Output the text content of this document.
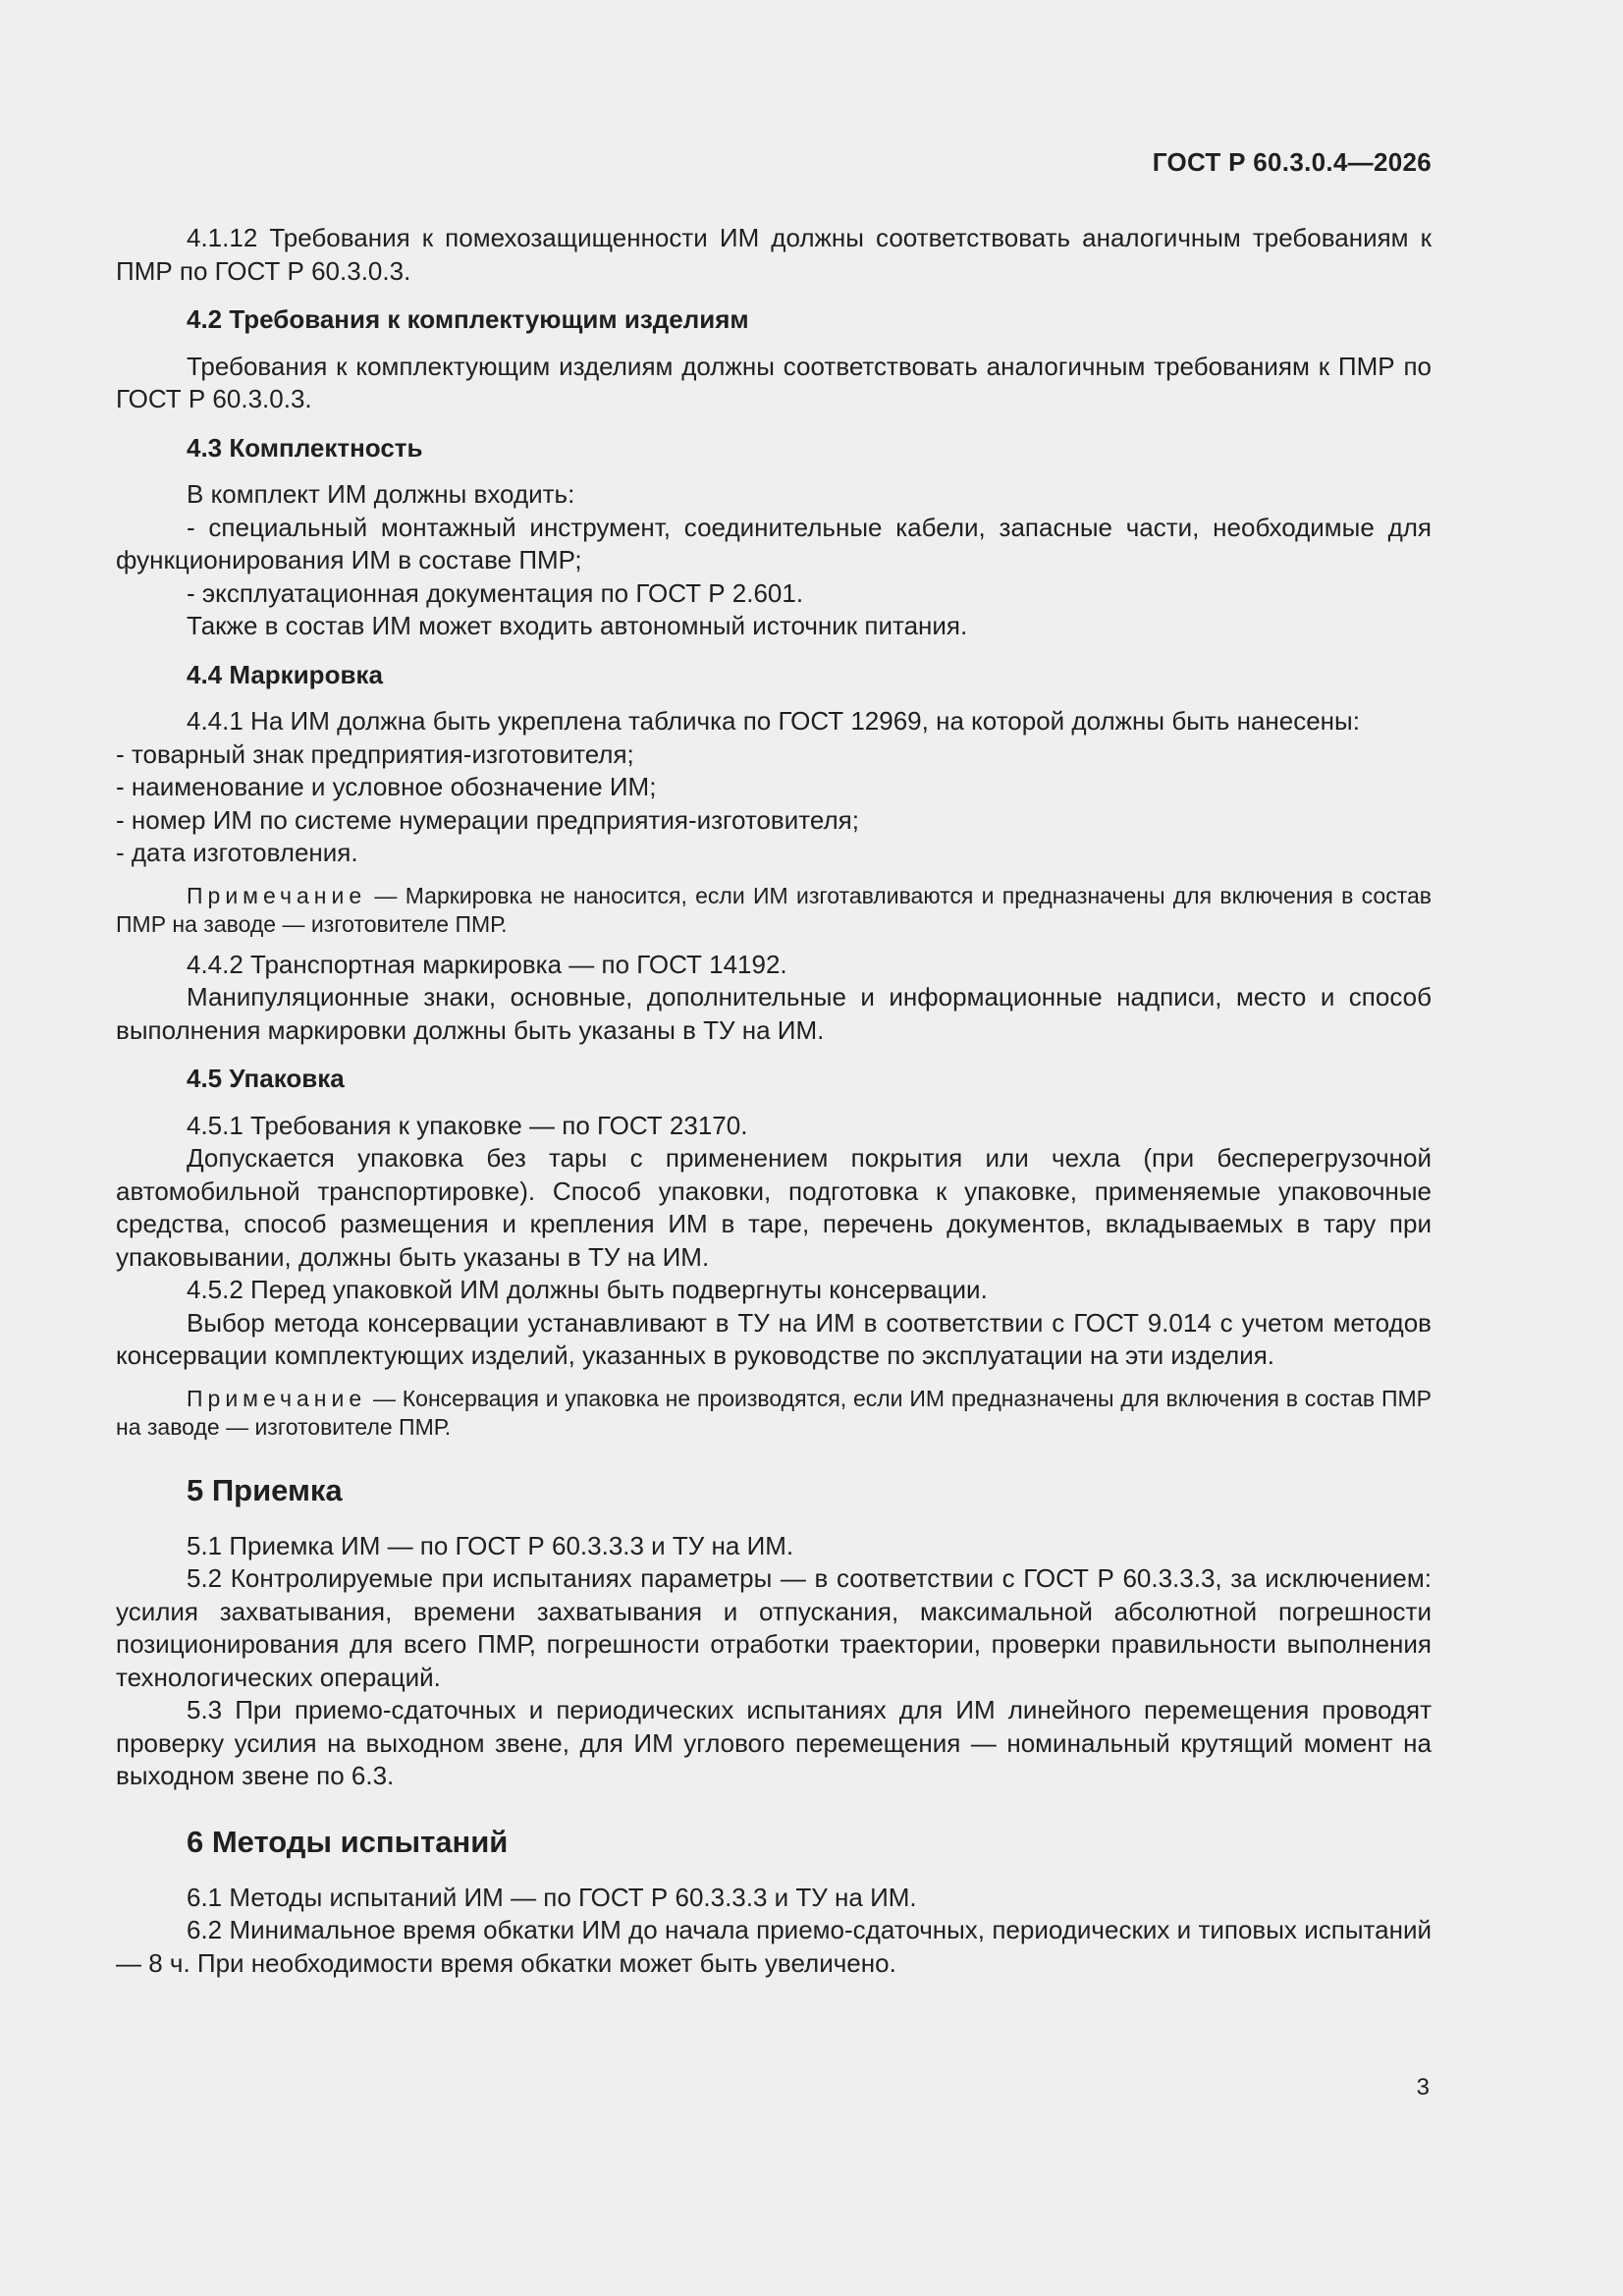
ГОСТ Р 60.3.0.4—2026

4.1.12 Требования к помехозащищенности ИМ должны соответствовать аналогичным требованиям к ПМР по ГОСТ Р 60.3.0.3.

4.2 Требования к комплектующим изделиям

Требования к комплектующим изделиям должны соответствовать аналогичным требованиям к ПМР по ГОСТ Р 60.3.0.3.

4.3 Комплектность

В комплект ИМ должны входить:

- специальный монтажный инструмент, соединительные кабели, запасные части, необходимые для функционирования ИМ в составе ПМР;

- эксплуатационная документация по ГОСТ Р 2.601.

Также в состав ИМ может входить автономный источник питания.

4.4 Маркировка

4.4.1 На ИМ должна быть укреплена табличка по ГОСТ 12969, на которой должны быть нанесены:

- товарный знак предприятия-изготовителя;

- наименование и условное обозначение ИМ;

- номер ИМ по системе нумерации предприятия-изготовителя;

- дата изготовления.

Примечание — Маркировка не наносится, если ИМ изготавливаются и предназначены для включения в состав ПМР на заводе — изготовителе ПМР.

4.4.2 Транспортная маркировка — по ГОСТ 14192.

Манипуляционные знаки, основные, дополнительные и информационные надписи, место и способ выполнения маркировки должны быть указаны в ТУ на ИМ.

4.5 Упаковка

4.5.1 Требования к упаковке — по ГОСТ 23170.

Допускается упаковка без тары с применением покрытия или чехла (при бесперегрузочной автомобильной транспортировке). Способ упаковки, подготовка к упаковке, применяемые упаковочные средства, способ размещения и крепления ИМ в таре, перечень документов, вкладываемых в тару при упаковывании, должны быть указаны в ТУ на ИМ.

4.5.2 Перед упаковкой ИМ должны быть подвергнуты консервации.

Выбор метода консервации устанавливают в ТУ на ИМ в соответствии с ГОСТ 9.014 с учетом методов консервации комплектующих изделий, указанных в руководстве по эксплуатации на эти изделия.

Примечание — Консервация и упаковка не производятся, если ИМ предназначены для включения в состав ПМР на заводе — изготовителе ПМР.

5 Приемка

5.1 Приемка ИМ — по ГОСТ Р 60.3.3.3 и ТУ на ИМ.

5.2 Контролируемые при испытаниях параметры — в соответствии с ГОСТ Р 60.3.3.3, за исключением: усилия захватывания, времени захватывания и отпускания, максимальной абсолютной погрешности позиционирования для всего ПМР, погрешности отработки траектории, проверки правильности выполнения технологических операций.

5.3 При приемо-сдаточных и периодических испытаниях для ИМ линейного перемещения проводят проверку усилия на выходном звене, для ИМ углового перемещения — номинальный крутящий момент на выходном звене по 6.3.

6 Методы испытаний

6.1 Методы испытаний ИМ — по ГОСТ Р 60.3.3.3 и ТУ на ИМ.

6.2 Минимальное время обкатки ИМ до начала приемо-сдаточных, периодических и типовых испытаний — 8 ч. При необходимости время обкатки может быть увеличено.

3
